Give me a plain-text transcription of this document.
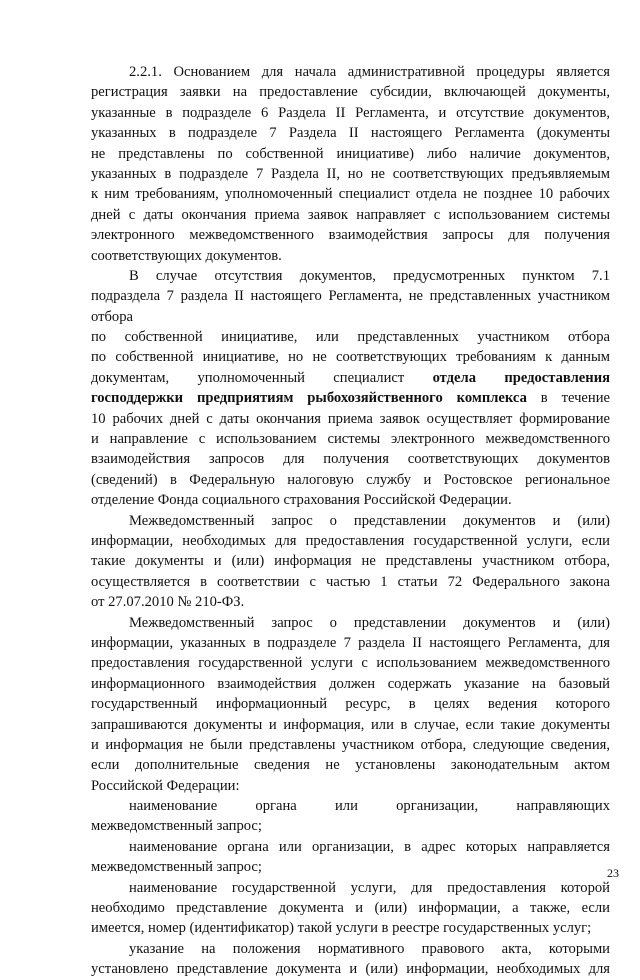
2.2.1. Основанием для начала административной процедуры является
регистрация заявки на предоставление субсидии, включающей документы,
указанные в подразделе 6 Раздела II Регламента, и отсутствие документов,
указанных в подразделе 7 Раздела II настоящего Регламента (документы
не представлены по собственной инициативе) либо наличие документов,
указанных в подразделе 7 Раздела II, но не соответствующих предъявляемым
к ним требованиям, уполномоченный специалист отдела не позднее 10 рабочих
дней с даты окончания приема заявок направляет с использованием системы
электронного межведомственного взаимодействия запросы для получения
соответствующих документов.
В случае отсутствия документов, предусмотренных пунктом 7.1
подраздела 7 раздела II настоящего Регламента, не представленных участником
отбора
по собственной инициативе, или представленных участником отбора
по собственной инициативе, но не соответствующих требованиям к данным
документам, уполномоченный специалист отдела предоставления
господдержки предприятиям рыбохозяйственного комплекса в течение
10 рабочих дней с даты окончания приема заявок осуществляет формирование
и направление с использованием системы электронного межведомственного
взаимодействия запросов для получения соответствующих документов
(сведений) в Федеральную налоговую службу и Ростовское региональное
отделение Фонда социального страхования Российской Федерации.
Межведомственный запрос о представлении документов и (или)
информации, необходимых для предоставления государственной услуги, если
такие документы и (или) информация не представлены участником отбора,
осуществляется в соответствии с частью 1 статьи 72 Федерального закона
от 27.07.2010 № 210-ФЗ.
Межведомственный запрос о представлении документов и (или)
информации, указанных в подразделе 7 раздела II настоящего Регламента, для
предоставления государственной услуги с использованием межведомственного
информационного взаимодействия должен содержать указание на базовый
государственный информационный ресурс, в целях ведения которого
запрашиваются документы и информация, или в случае, если такие документы
и информация не были представлены участником отбора, следующие сведения,
если дополнительные сведения не установлены законодательным актом
Российской Федерации:
наименование органа или организации, направляющих
межведомственный запрос;
наименование органа или организации, в адрес которых направляется
межведомственный запрос;
наименование государственной услуги, для предоставления которой
необходимо представление документа и (или) информации, а также, если
имеется, номер (идентификатор) такой услуги в реестре государственных услуг;
указание на положения нормативного правового акта, которыми
установлено представление документа и (или) информации, необходимых для
23
